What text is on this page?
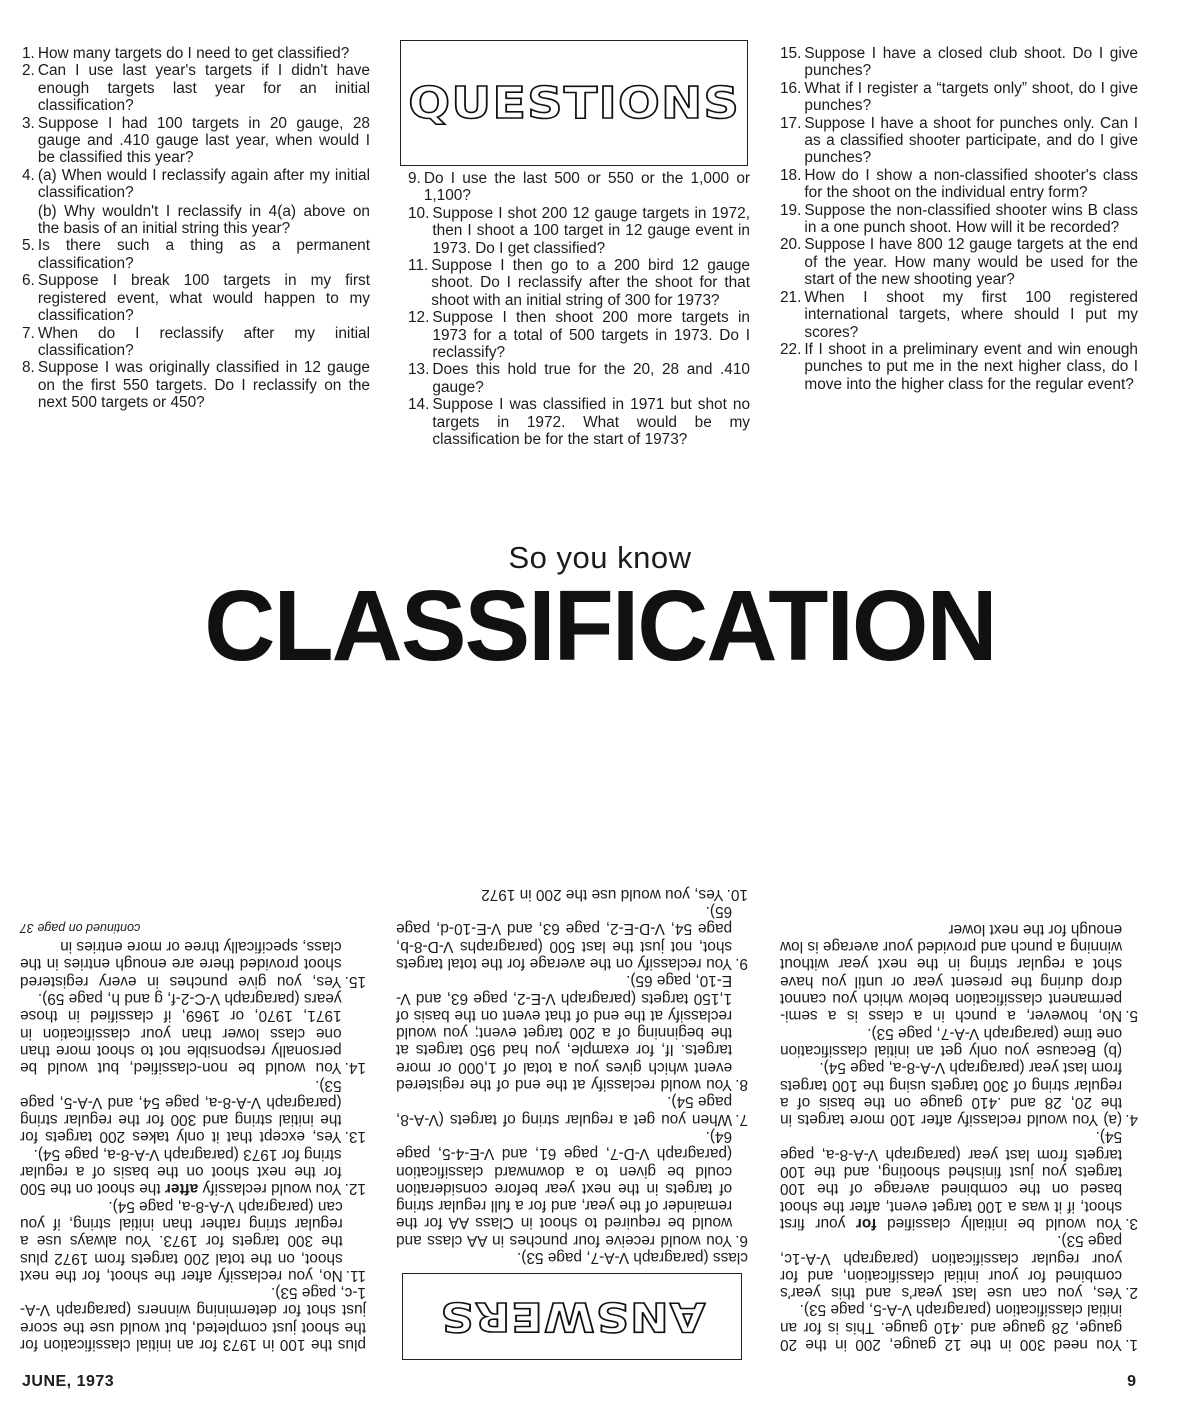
1. How many targets do I need to get classified?
2. Can I use last year's targets if I didn't have enough targets last year for an initial classification?
3. Suppose I had 100 targets in 20 gauge, 28 gauge and .410 gauge last year, when would I be classified this year?
4. (a) When would I reclassify again after my initial classification?
(b) Why wouldn't I reclassify in 4(a) above on the basis of an initial string this year?
5. Is there such a thing as a permanent classification?
6. Suppose I break 100 targets in my first registered event, what would happen to my classification?
7. When do I reclassify after my initial classification?
8. Suppose I was originally classified in 12 gauge on the first 550 targets. Do I reclassify on the next 500 targets or 450?
QUESTIONS
9. Do I use the last 500 or 550 or the 1,000 or 1,100?
10. Suppose I shot 200 12 gauge targets in 1972, then I shoot a 100 target in 12 gauge event in 1973. Do I get classified?
11. Suppose I then go to a 200 bird 12 gauge shoot. Do I reclassify after the shoot for that shoot with an initial string of 300 for 1973?
12. Suppose I then shoot 200 more targets in 1973 for a total of 500 targets in 1973. Do I reclassify?
13. Does this hold true for the 20, 28 and .410 gauge?
14. Suppose I was classified in 1971 but shot no targets in 1972. What would be my classification be for the start of 1973?
15. Suppose I have a closed club shoot. Do I give punches?
16. What if I register a “targets only” shoot, do I give punches?
17. Suppose I have a shoot for punches only. Can I as a classified shooter participate, and do I give punches?
18. How do I show a non-classified shooter's class for the shoot on the individual entry form?
19. Suppose the non-classified shooter wins B class in a one punch shoot. How will it be recorded?
20. Suppose I have 800 12 gauge targets at the end of the year. How many would be used for the start of the new shooting year?
21. When I shoot my first 100 registered international targets, where should I put my scores?
22. If I shoot in a preliminary event and win enough punches to put me in the next higher class, do I move into the higher class for the regular event?
So you know
CLASSIFICATION
1.
You need 300 in the 12 gauge, 200 in the 20 gauge, 28 gauge and .410 gauge. This is for an initial classification (paragraph V-A-5, page 53).
2.
Yes, you can use last year's and this year's combined for your initial classification, and for your regular classification (paragraph V-A-1c, page 53).
3.
You would be initially classified for your first shoot, if it was a 100 target event, after the shoot based on the combined average of the 100 targets you just finished shooting, and the 100 targets from last year (paragraph V-A-8-a, page 54).
4.
(a) You would reclassify after 100 more targets in the 20, 28 and .410 gauge on the basis of a regular string of 300 targets using the 100 targets from last year (paragraph V-A-8-a, page 54).
(b) Because you only get an initial classification one time (paragraph V-A-7, page 53).
5.
No, however, a punch in a class is a semi-permanent classification below which you cannot drop during the present year or until you have shot a regular string in the next year without winning a punch and provided your average is low enough for the next lower
ANSWERS

class (paragraph V-A-7, page 53).

6.
You would receive four punches in AA class and would be required to shoot in Class AA for the remainder of the year, and for a full regular string of targets in the next year before consideration could be given to a downward classification (paragraph V-D-7, page 61, and V-E-4-5, page 64).
7.
When you get a regular string of targets (V-A-8, page 54).
8.
You would reclassify at the end of the registered event which gives you a total of 1,000 or more targets. If, for example, you had 950 targets at the beginning of a 200 target event; you would reclassify at the end of that event on the basis of 1,150 targets (paragraph V-E-2, page 63, and V-E-10, page 65).
9.
You reclassify on the average for the total targets shot, not just the last 500 (paragraphs V-D-8-b, page 54, V-D-E-2, page 63, and V-E-10-d, page 65).
10.
Yes, you would use the 200 in 1972

plus the 100 in 1973 for an initial classification for the shoot just completed, but would use the score just shot for determining winners (paragraph V-A-1-c, page 53).

11.
No, you reclassify after the shoot, for the next shoot, on the total 200 targets from 1972 plus the 300 targets for 1973. You always use a regular string rather than initial string, if you can (paragraph V-A-8-a, page 54).
12.
You would reclassify after the shoot on the 500 for the next shoot on the basis of a regular string for 1973 (paragraph V-A-8-a, page 54).
13.
Yes, except that it only takes 200 targets for the initial string and 300 for the regular string (paragraph V-A-8-a, page 54, and V-A-5, page 53).
14.
You would be non-classified, but would be personally responsible not to shoot more than one class lower than your classification in 1971, 1970, or 1969, if classified in those years (paragraph V-C-2-f, g and h, page 59).
15.
Yes, you give punches in every registered shoot provided there are enough entries in the class, specifically three or more entries in
continued on page 37
JUNE, 1973	9
